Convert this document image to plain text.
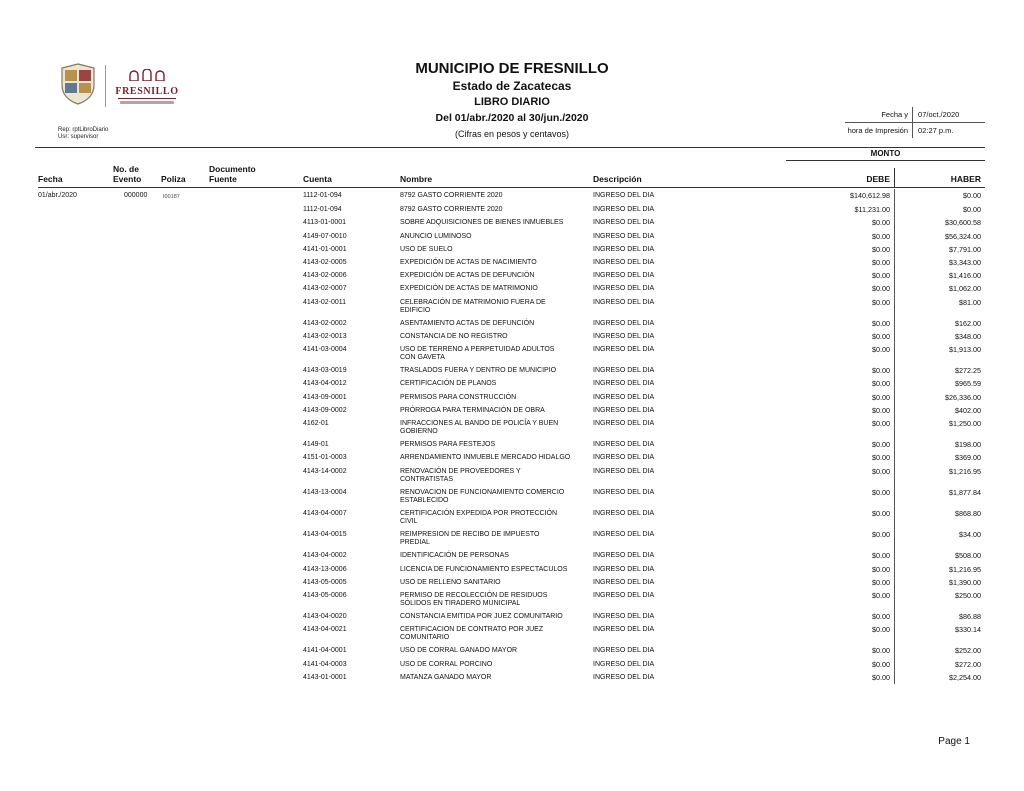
FRESNILLO
MUNICIPIO DE FRESNILLO
Estado de Zacatecas
LIBRO DIARIO
Del 01/abr./2020 al 30/jun./2020
(Cifras en pesos y centavos)
Fecha y	07/oct./2020
hora de Impresión	02:27 p.m.
Rep: rptLibroDiario
Usr: supervisor
MONTO
Fecha
No. de
Evento	Poliza
Documento
Fuente	Cuenta	Nombre	Descripción	DEBE	HABER
01/abr./2020	000000	I00187	1112-01-094	8792 GASTO CORRIENTE 2020	INGRESO DEL DIA	$140,612.98	$0.00
1112-01-094	8792 GASTO CORRIENTE 2020	INGRESO DEL DIA	$11,231.00	$0.00
4113-01-0001	SOBRE ADQUISICIONES DE BIENES INMUEBLES	INGRESO DEL DIA	$0.00	$30,600.58
4149-07-0010	ANUNCIO LUMINOSO	INGRESO DEL DIA	$0.00	$56,324.00
4141-01-0001	USO DE SUELO	INGRESO DEL DIA	$0.00	$7,791.00
4143-02-0005	EXPEDICIÓN DE ACTAS DE NACIMIENTO	INGRESO DEL DIA	$0.00	$3,343.00
4143-02-0006	EXPEDICIÓN DE ACTAS DE DEFUNCIÓN	INGRESO DEL DIA	$0.00	$1,416.00
4143-02-0007	EXPEDICIÓN DE ACTAS DE MATRIMONIO	INGRESO DEL DIA	$0.00	$1,062.00
4143-02-0011	CELEBRACIÓN DE MATRIMONIO FUERA DE EDIFICIO
INGRESO DEL DIA	$0.00	$81.00
4143-02-0002	ASENTAMIENTO ACTAS DE DEFUNCIÓN	INGRESO DEL DIA	$0.00	$162.00
4143-02-0013	CONSTANCIA DE NO REGISTRO	INGRESO DEL DIA	$0.00	$348.00
4141-03-0004	USO DE TERRENO A PERPETUIDAD ADULTOS CON GAVETA
INGRESO DEL DIA	$0.00	$1,913.00
4143-03-0019	TRASLADOS FUERA Y DENTRO DE MUNICIPIO	INGRESO DEL DIA	$0.00	$272.25
4143-04-0012	CERTIFICACIÓN DE PLANOS	INGRESO DEL DIA	$0.00	$965.59
4143-09-0001	PERMISOS PARA CONSTRUCCIÓN	INGRESO DEL DIA	$0.00	$26,336.00
4143-09-0002	PRÓRROGA PARA TERMINACIÓN DE OBRA	INGRESO DEL DIA	$0.00	$402.00
4162-01	INFRACCIONES AL BANDO DE POLICÍA Y BUEN GOBIERNO
INGRESO DEL DIA	$0.00	$1,250.00
4149-01	PERMISOS PARA FESTEJOS	INGRESO DEL DIA	$0.00	$198.00
4151-01-0003	ARRENDAMIENTO INMUEBLE MERCADO HIDALGO	INGRESO DEL DIA	$0.00	$369.00
4143-14-0002	RENOVACIÓN DE PROVEEDORES Y CONTRATISTAS
INGRESO DEL DIA	$0.00	$1,216.95
4143-13-0004	RENOVACION DE FUNCIONAMIENTO COMERCIO ESTABLECIDO
INGRESO DEL DIA	$0.00	$1,877.84
4143-04-0007	CERTIFICACIÓN EXPEDIDA POR PROTECCIÓN CIVIL
INGRESO DEL DIA	$0.00	$868.80
4143-04-0015	REIMPRESION DE RECIBO DE IMPUESTO PREDIAL
INGRESO DEL DIA	$0.00	$34.00
4143-04-0002	IDENTIFICACIÓN DE PERSONAS	INGRESO DEL DIA	$0.00	$508.00
4143-13-0006	LICENCIA DE FUNCIONAMIENTO ESPECTACULOS	INGRESO DEL DIA	$0.00	$1,216.95
4143-05-0005	USO DE RELLENO SANITARIO	INGRESO DEL DIA	$0.00	$1,390.00
4143-05-0006	PERMISO DE RECOLECCIÓN DE RESIDUOS SÓLIDOS EN TIRADERO MUNICIPAL
INGRESO DEL DIA	$0.00	$250.00
4143-04-0020	CONSTANCIA EMITIDA POR JUEZ COMUNITARIO	INGRESO DEL DIA	$0.00	$86.88
4143-04-0021	CERTIFICACION DE CONTRATO POR JUEZ COMUNITARIO
INGRESO DEL DIA	$0.00	$330.14
4141-04-0001	USO DE CORRAL GANADO MAYOR	INGRESO DEL DIA	$0.00	$252.00
4141-04-0003	USO DE CORRAL PORCINO	INGRESO DEL DIA	$0.00	$272.00
4143-01-0001	MATANZA GANADO MAYOR	INGRESO DEL DIA	$0.00	$2,254.00
Page 1
